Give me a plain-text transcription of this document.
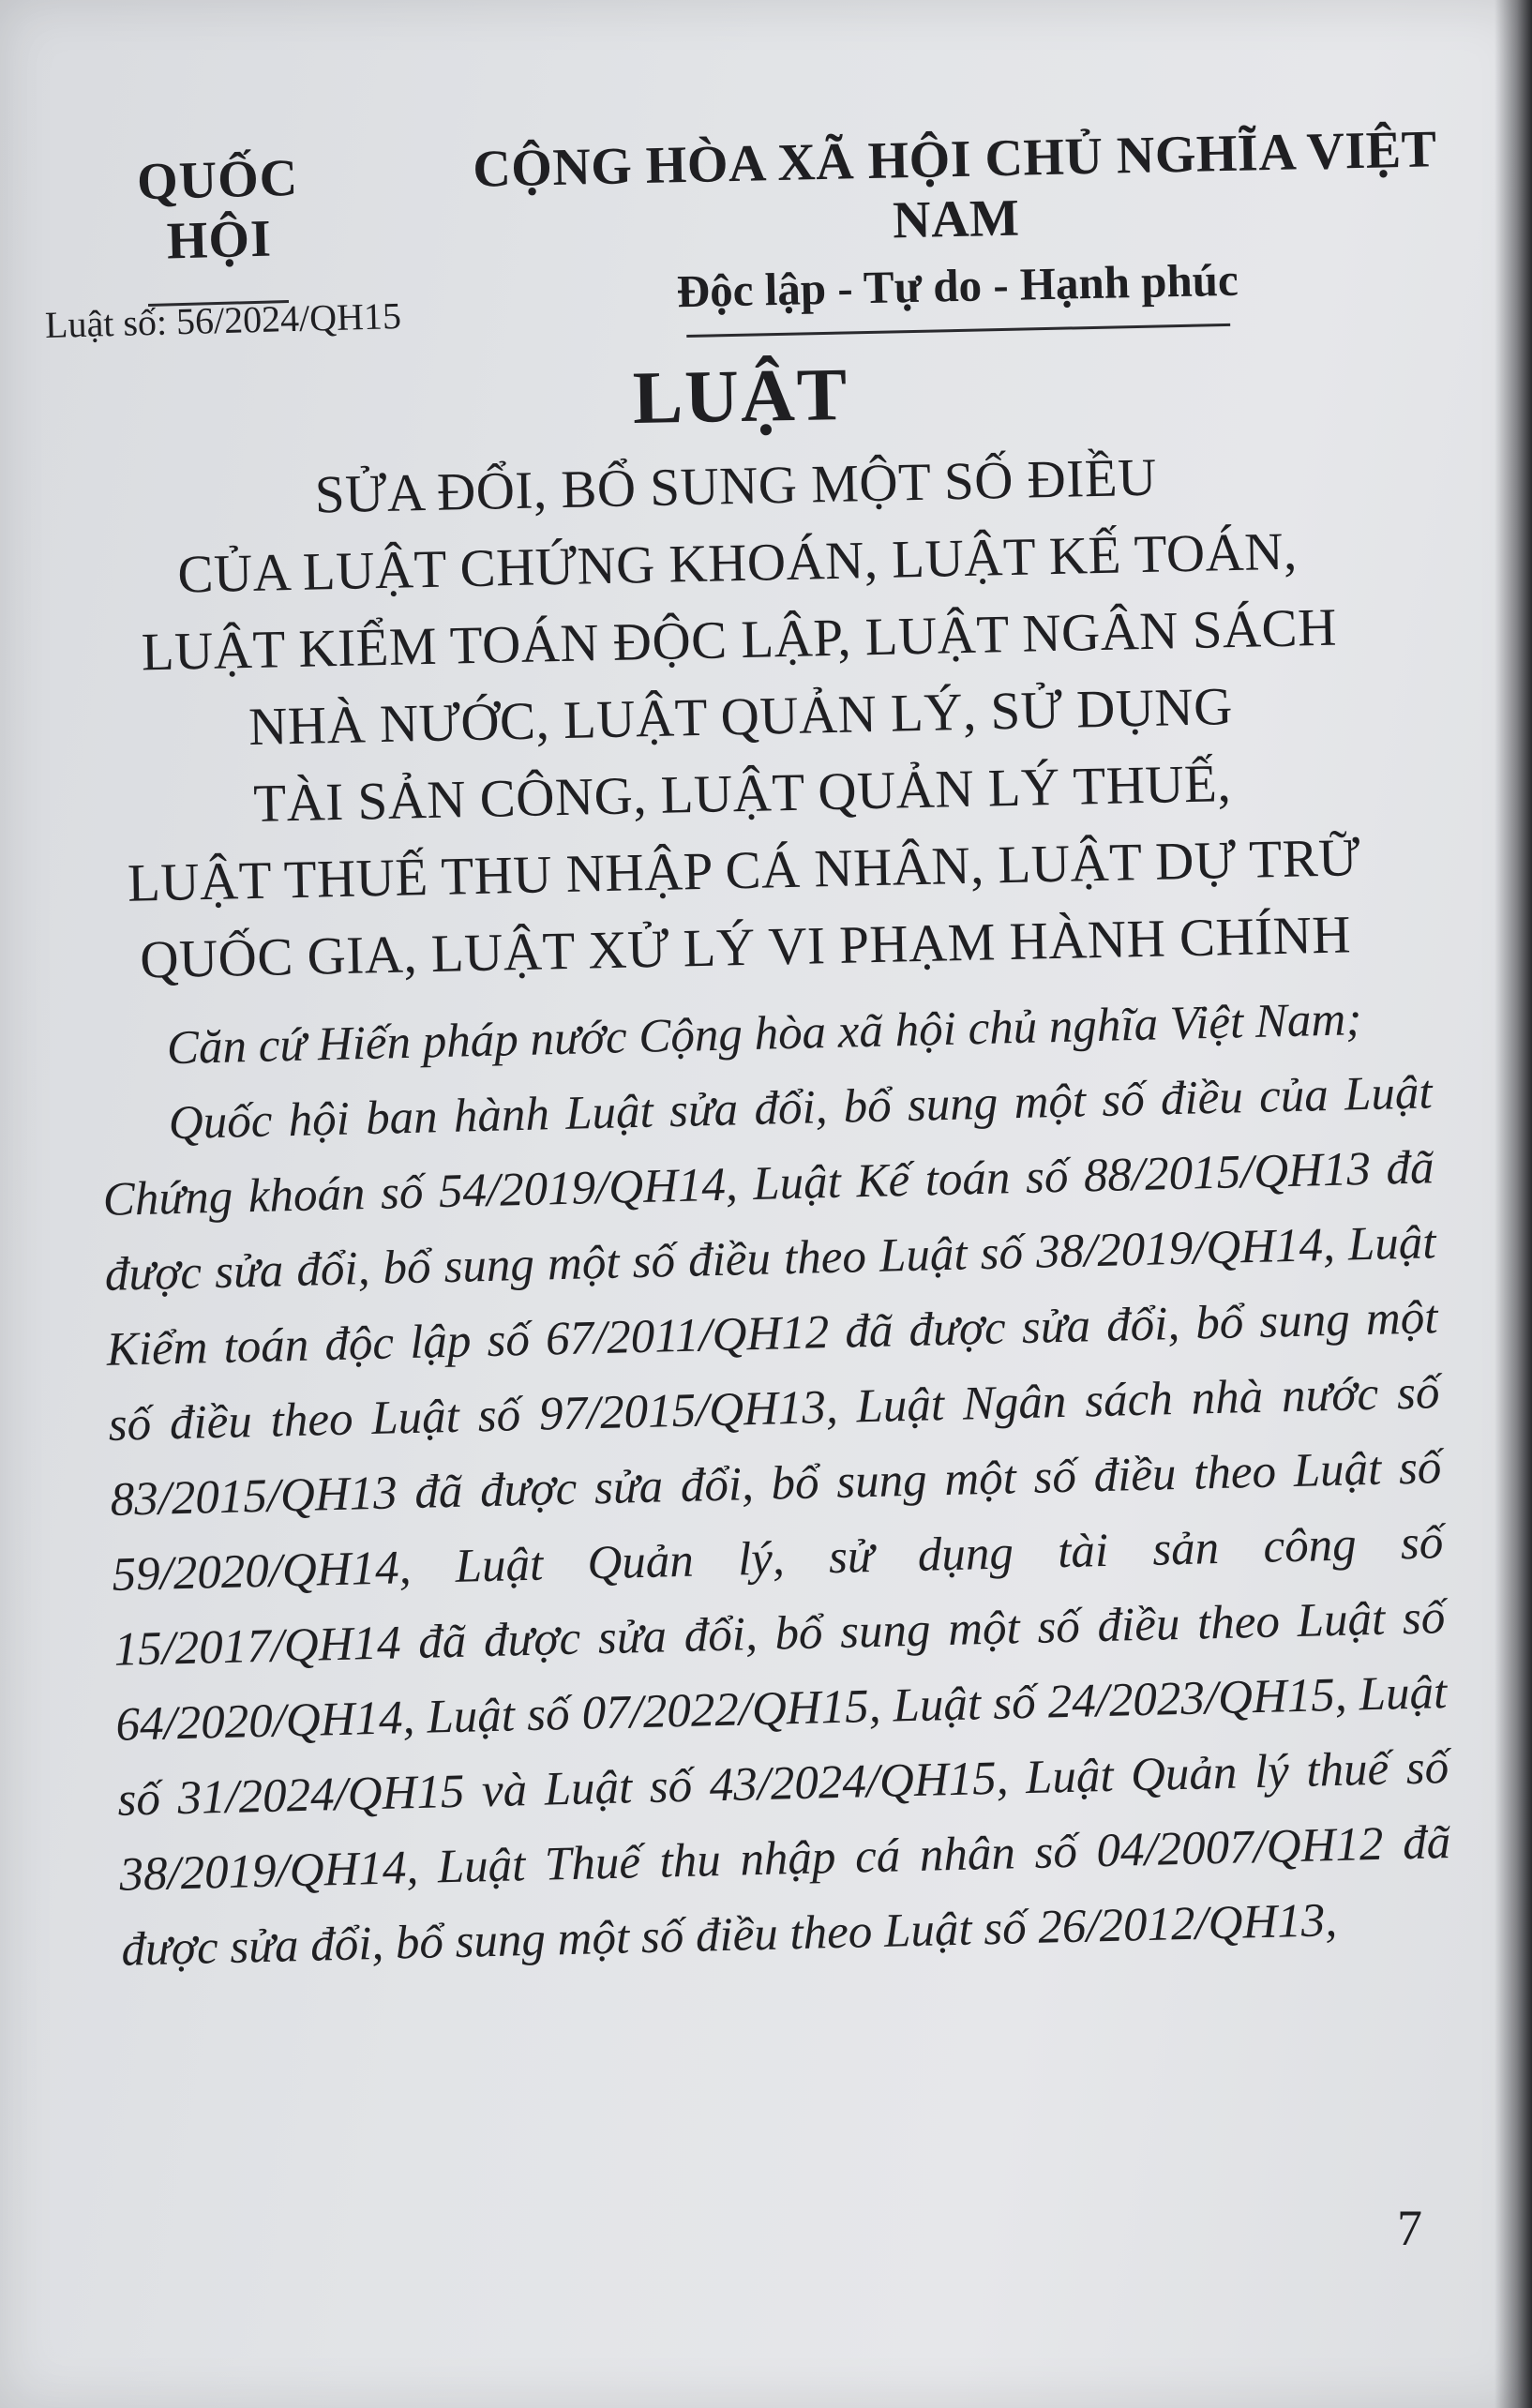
QUỐC HỘI
Luật số: 56/2024/QH15
CỘNG HÒA XÃ HỘI CHỦ NGHĨA VIỆT NAM
Độc lập - Tự do - Hạnh phúc
LUẬT
SỬA ĐỔI, BỔ SUNG MỘT SỐ ĐIỀU
CỦA LUẬT CHỨNG KHOÁN, LUẬT KẾ TOÁN,
LUẬT KIỂM TOÁN ĐỘC LẬP, LUẬT NGÂN SÁCH
NHÀ NƯỚC, LUẬT QUẢN LÝ, SỬ DỤNG
TÀI SẢN CÔNG, LUẬT QUẢN LÝ THUẾ,
LUẬT THUẾ THU NHẬP CÁ NHÂN, LUẬT DỰ TRỮ
QUỐC GIA, LUẬT XỬ LÝ VI PHẠM HÀNH CHÍNH

Căn cứ Hiến pháp nước Cộng hòa xã hội chủ nghĩa Việt Nam;

Quốc hội ban hành Luật sửa đổi, bổ sung một số điều của Luật Chứng khoán số 54/2019/QH14, Luật Kế toán số 88/2015/QH13 đã được sửa đổi, bổ sung một số điều theo Luật số 38/2019/QH14, Luật Kiểm toán độc lập số 67/2011/QH12 đã được sửa đổi, bổ sung một số điều theo Luật số 97/2015/QH13, Luật Ngân sách nhà nước số 83/2015/QH13 đã được sửa đổi, bổ sung một số điều theo Luật số 59/2020/QH14, Luật Quản lý, sử dụng tài sản công số 15/2017/QH14 đã được sửa đổi, bổ sung một số điều theo Luật số 64/2020/QH14, Luật số 07/2022/QH15, Luật số 24/2023/QH15, Luật số 31/2024/QH15 và Luật số 43/2024/QH15, Luật Quản lý thuế số 38/2019/QH14, Luật Thuế thu nhập cá nhân số 04/2007/QH12 đã được sửa đổi, bổ sung một số điều theo Luật số 26/2012/QH13,

7
